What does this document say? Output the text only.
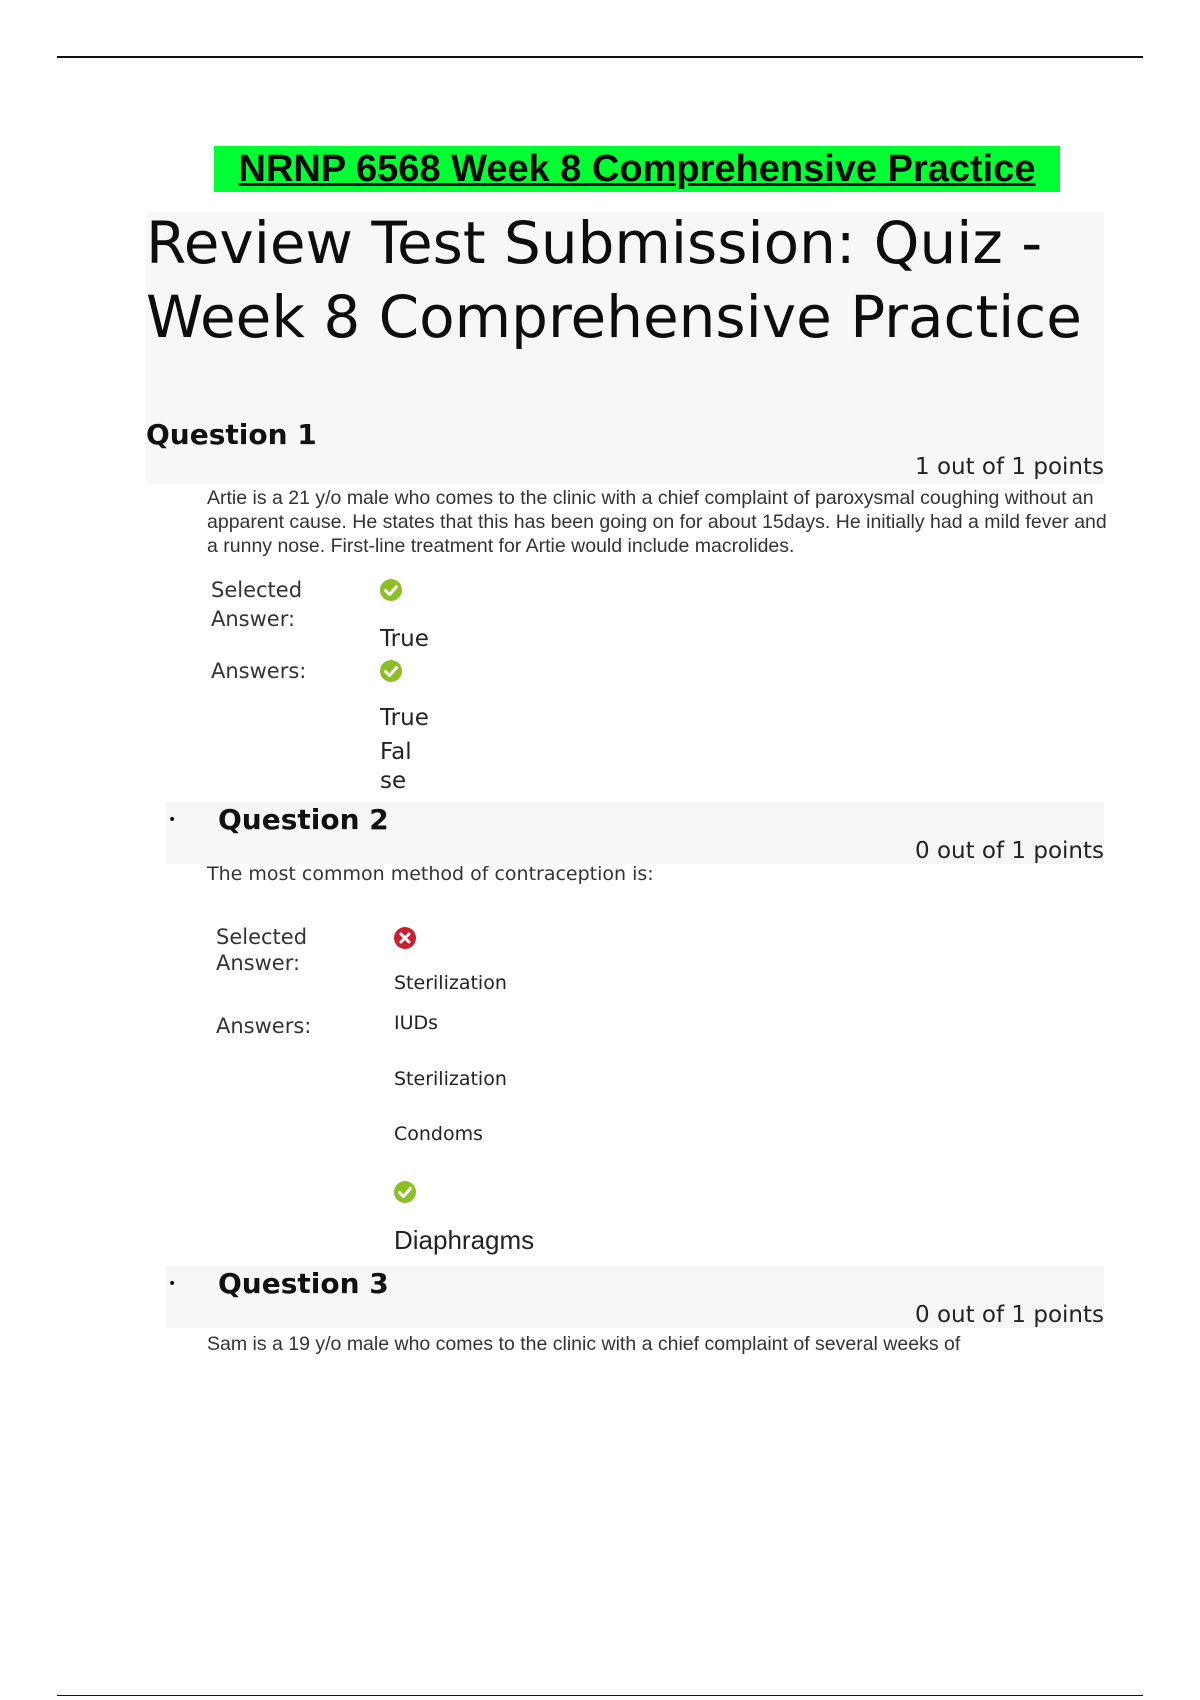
NRNP 6568 Week 8 Comprehensive Practice
Review Test Submission: Quiz - Week 8 Comprehensive Practice
Question 1
1 out of 1 points

Artie is a 21 y/o male who comes to the clinic with a chief complaint of paroxysmal coughing without an apparent cause. He states that this has been going on for about 15days. He initially had a mild fever and a runny nose. First-line treatment for Artie would include macrolides.

Selected Answer:
True
Answers:
True
Fal
se
• Question 2
0 out of 1 points

The most common method of contraception is:

Selected Answer:
Sterilization
Answers:	IUDs
Sterilization
Condoms
Diaphragms
• Question 3
0 out of 1 points

Sam is a 19 y/o male who comes to the clinic with a chief complaint of several weeks of
